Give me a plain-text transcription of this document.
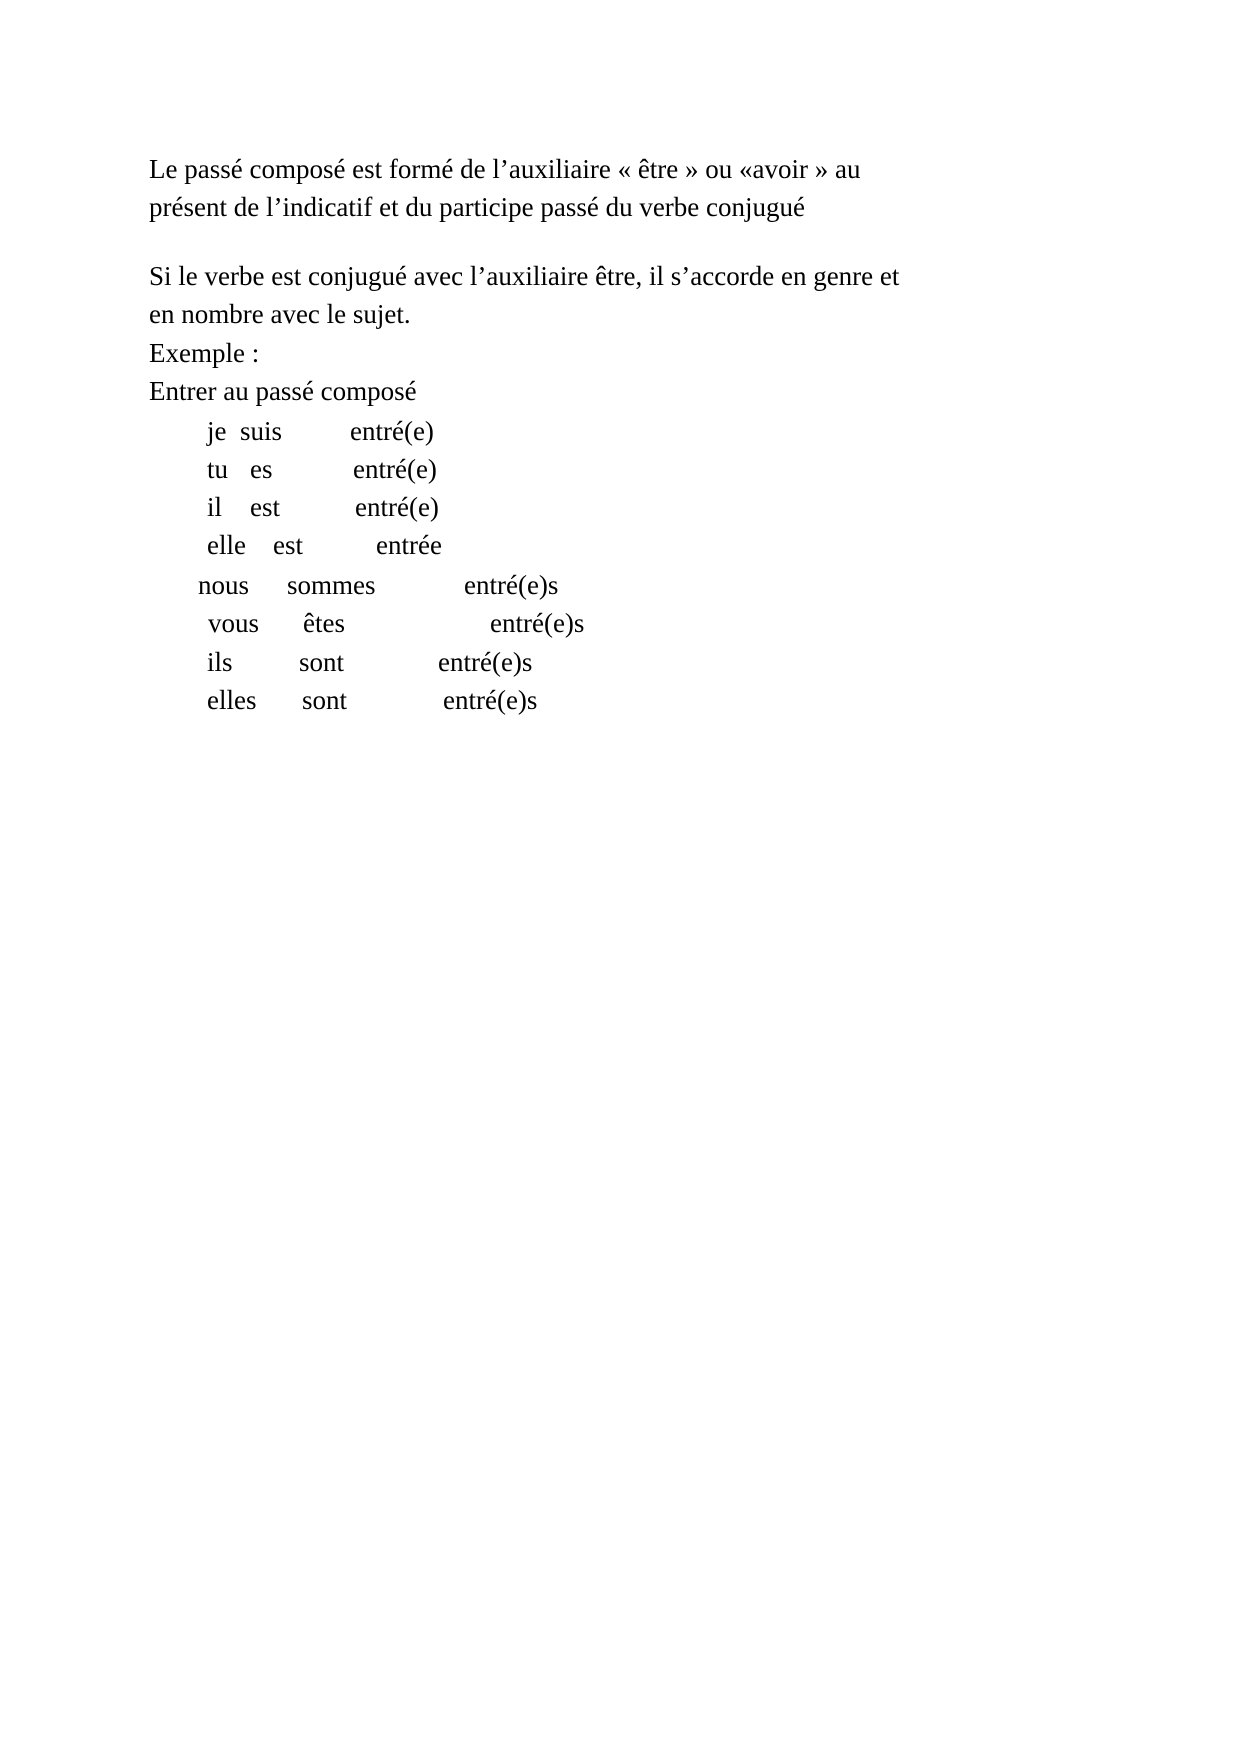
Le passé composé est formé de l’auxiliaire « être » ou «avoir » au
présent de l’indicatif et du participe passé du verbe conjugué
Si le verbe est conjugué avec l’auxiliaire être, il s’accorde en genre et
en nombre avec le sujet.
Exemple :
Entrer au passé composé
je suis	entré(e)
tu es	entré(e)
il est	entré(e)
elle est	entrée
nous sommes	entré(e)s
vous êtes	entré(e)s
ils sont	entré(e)s
elles sont	entré(e)s
